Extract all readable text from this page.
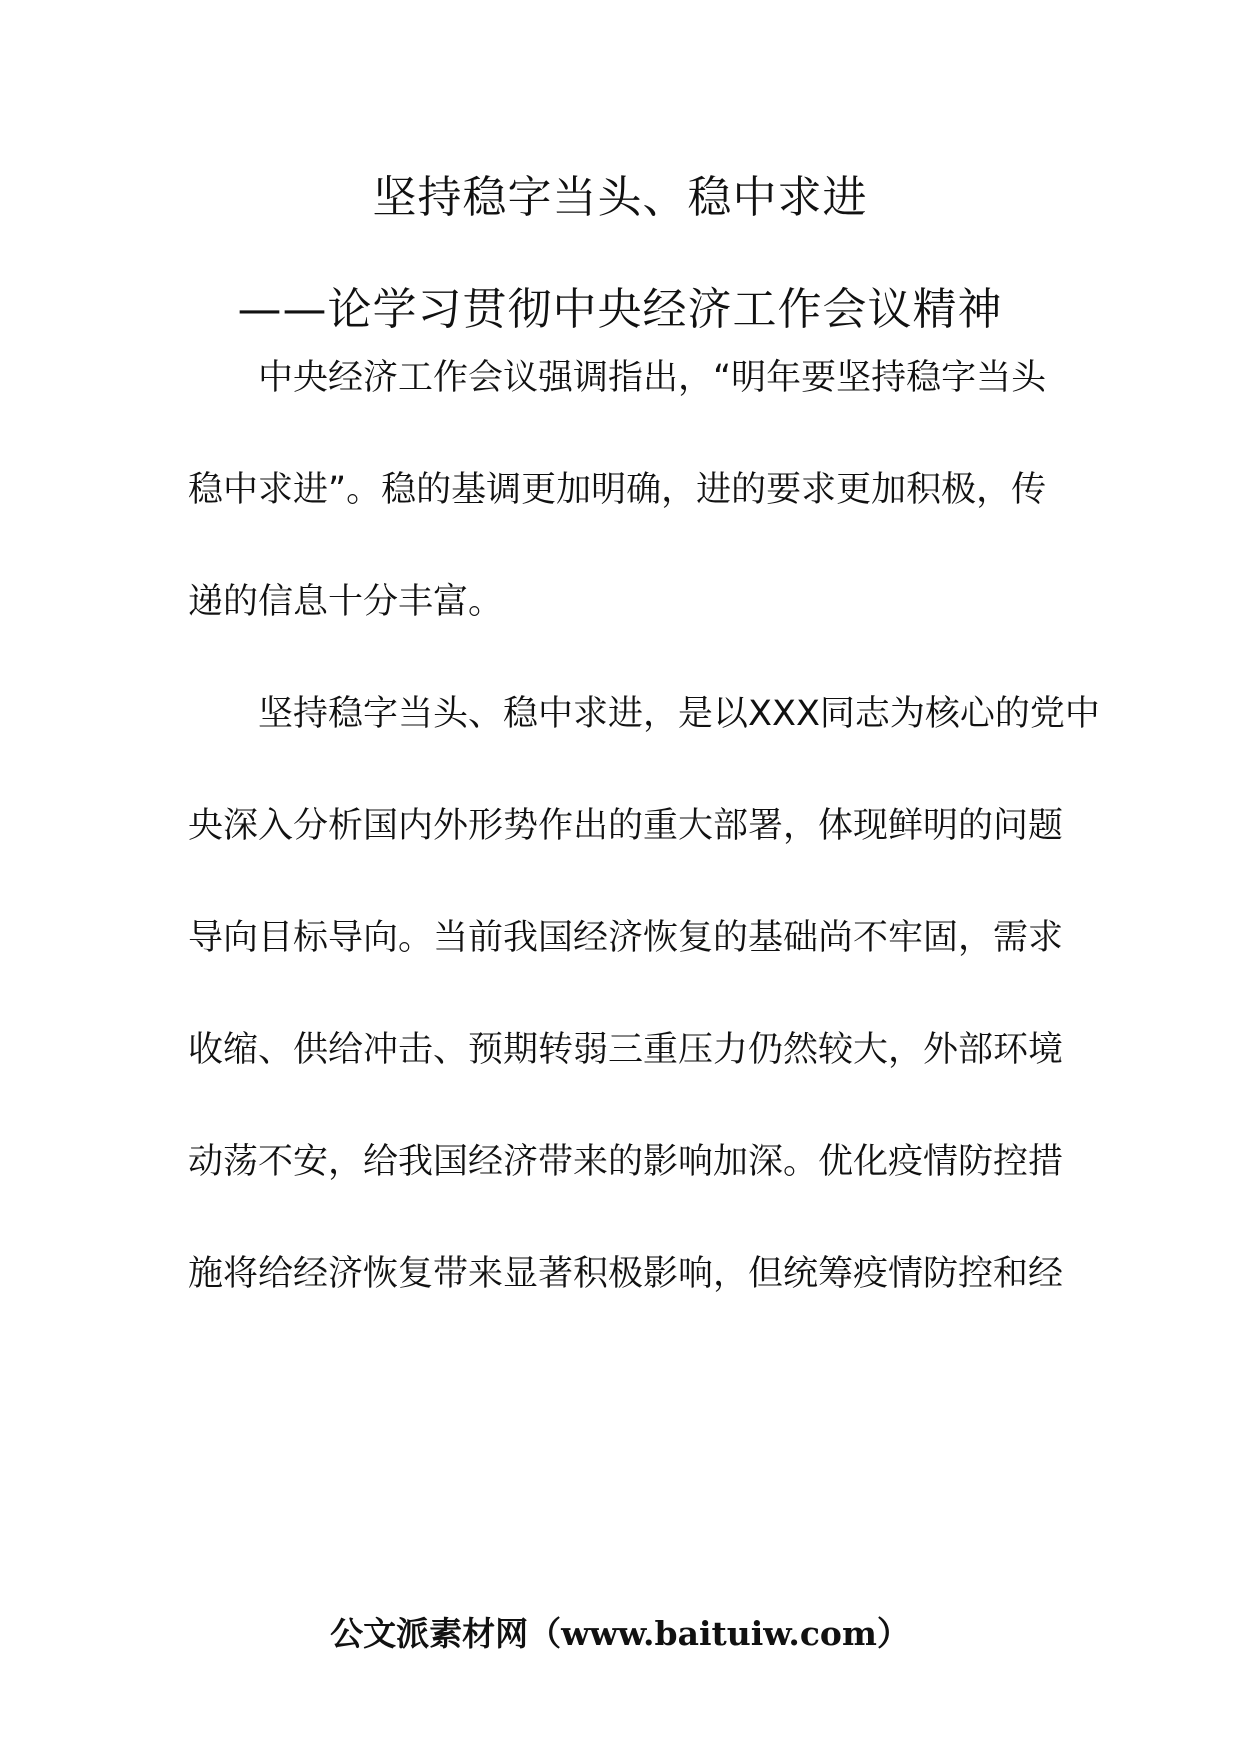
坚持稳字当头、稳中求进
——论学习贯彻中央经济工作会议精神

中央经济工作会议强调指出，“明年要坚持稳字当头

稳中求进”。稳的基调更加明确，进的要求更加积极，传

递的信息十分丰富。

坚持稳字当头、稳中求进，是以XXX同志为核心的党中

央深入分析国内外形势作出的重大部署，体现鲜明的问题

导向目标导向。当前我国经济恢复的基础尚不牢固，需求

收缩、供给冲击、预期转弱三重压力仍然较大，外部环境

动荡不安，给我国经济带来的影响加深。优化疫情防控措

施将给经济恢复带来显著积极影响，但统筹疫情防控和经

公文派素材网（www.baituiw.com）
